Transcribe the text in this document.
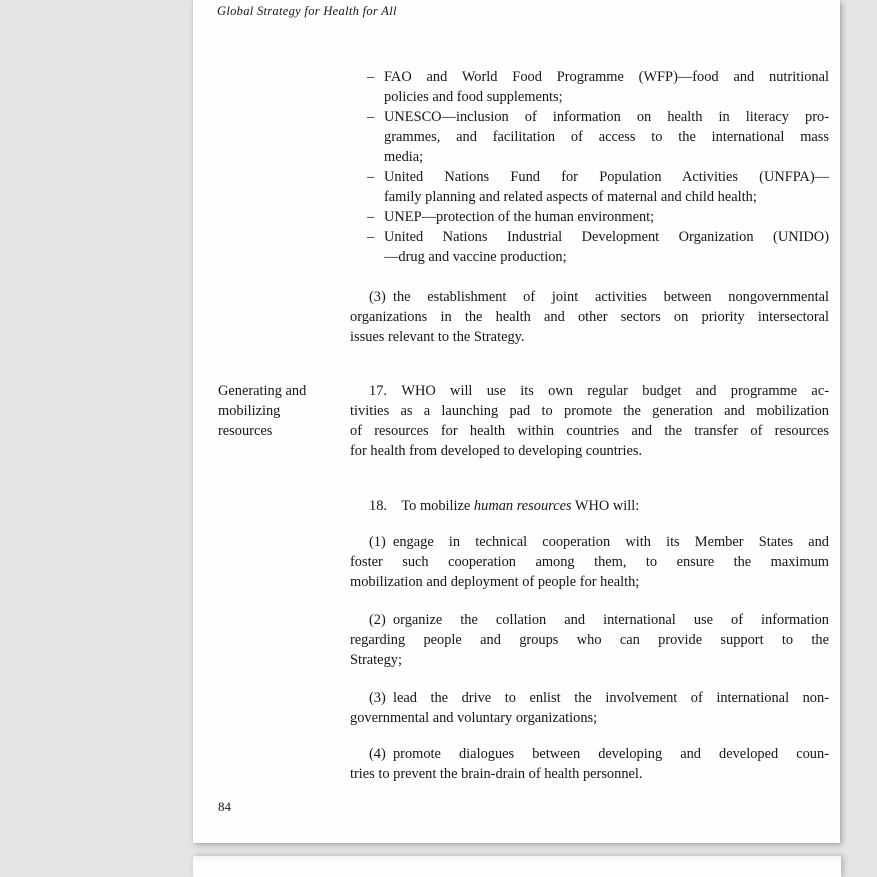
Global Strategy for Health for All
– FAO and World Food Programme (WFP)—food and nutritional
policies and food supplements;
– UNESCO—inclusion of information on health in literacy pro-
grammes, and facilitation of access to the international mass
media;
– United Nations Fund for Population Activities (UNFPA)—
family planning and related aspects of maternal and child health;
– UNEP—protection of the human environment;
– United Nations Industrial Development Organization (UNIDO)
—drug and vaccine production;
(3) the establishment of joint activities between nongovernmental
organizations in the health and other sectors on priority intersectoral
issues relevant to the Strategy.
Generating and
mobilizing
resources
17. WHO will use its own regular budget and programme ac-
tivities as a launching pad to promote the generation and mobilization
of resources for health within countries and the transfer of resources
for health from developed to developing countries.
18. To mobilize human resources WHO will:
(1) engage in technical cooperation with its Member States and
foster such cooperation among them, to ensure the maximum
mobilization and deployment of people for health;
(2) organize the collation and international use of information
regarding people and groups who can provide support to the
Strategy;
(3) lead the drive to enlist the involvement of international non-
governmental and voluntary organizations;
(4) promote dialogues between developing and developed coun-
tries to prevent the brain-drain of health personnel.
84
